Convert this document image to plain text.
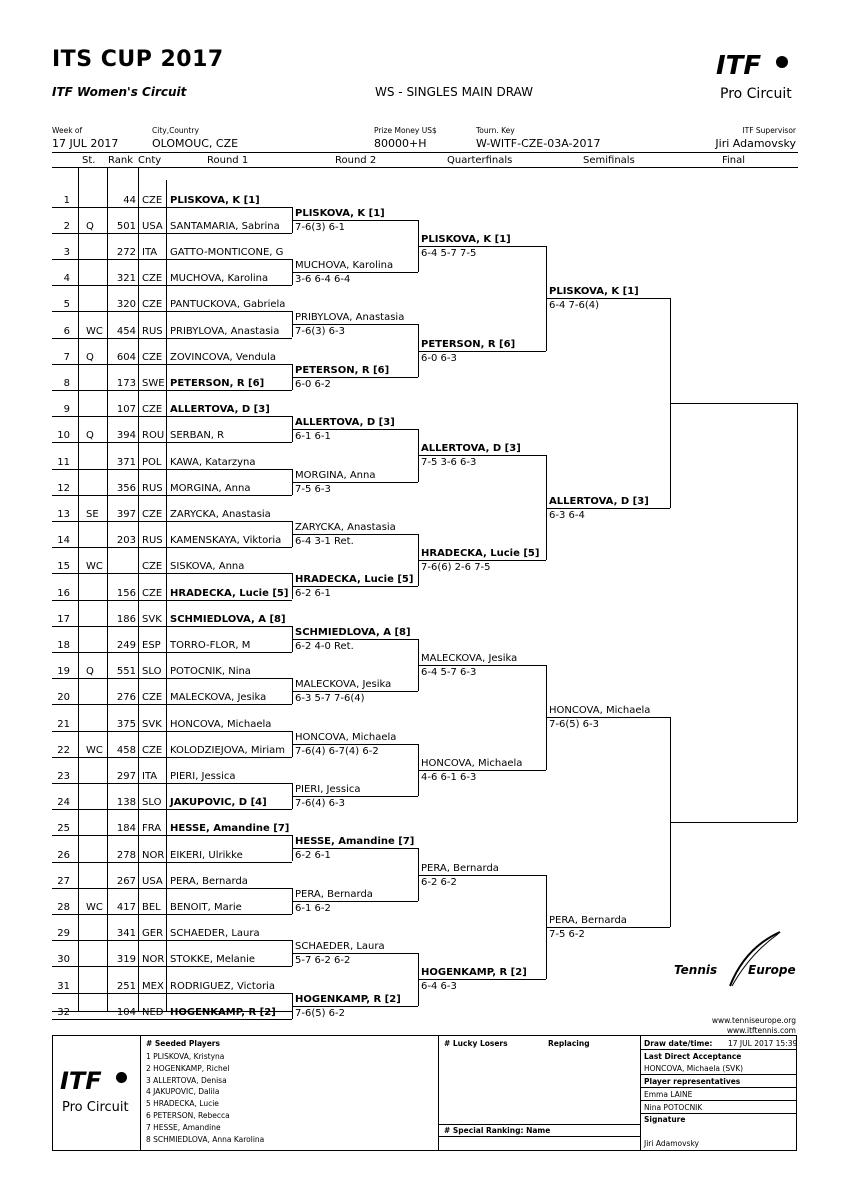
ITS CUP 2017
ITF Women's Circuit	WS - SINGLES MAIN DRAW
ITF
Pro Circuit
Week of
17 JUL 2017
City,Country
OLOMOUC, CZE
Prize Money US$
80000+H
Tourn. Key
W-WITF-CZE-03A-2017
ITF Supervisor
Jiri Adamovsky
St. Rank Cnty	Round 1	Round 2	Quarterfinals	Semifinals	Final
1	44 CZE PLISKOVA, K [1]
2 Q	501 USA SANTAMARIA, Sabrina
3	272 ITA GATTO-MONTICONE, G
4	321 CZE MUCHOVA, Karolina
5	320 CZE PANTUCKOVA, Gabriela
6 WC	454 RUS PRIBYLOVA, Anastasia
7 Q	604 CZE ZOVINCOVA, Vendula
8	173 SWE PETERSON, R [6]
9	107 CZE ALLERTOVA, D [3]
10 Q	394 ROU SERBAN, R
11	371 POL KAWA, Katarzyna
12	356 RUS MORGINA, Anna
13 SE	397 CZE ZARYCKA, Anastasia
14	203 RUS KAMENSKAYA, Viktoria
15 WC	CZE SISKOVA, Anna
16	156 CZE HRADECKA, Lucie [5]
17	186 SVK SCHMIEDLOVA, A [8]
18	249 ESP TORRO-FLOR, M
19 Q	551 SLO POTOCNIK, Nina
20	276 CZE MALECKOVA, Jesika
21	375 SVK HONCOVA, Michaela
22 WC	458 CZE KOLODZIEJOVA, Miriam
23	297 ITA PIERI, Jessica
24	138 SLO JAKUPOVIC, D [4]
25	184 FRA HESSE, Amandine [7]
26	278 NOR EIKERI, Ulrikke
27	267 USA PERA, Bernarda
28 WC	417 BEL BENOIT, Marie
29	341 GER SCHAEDER, Laura
30	319 NOR STOKKE, Melanie
31	251 MEX RODRIGUEZ, Victoria
32	104 NED HOGENKAMP, R [2]
PLISKOVA, K [1]
7-6(3) 6-1
MUCHOVA, Karolina
3-6 6-4 6-4
PRIBYLOVA, Anastasia
7-6(3) 6-3
PETERSON, R [6]
6-0 6-2
ALLERTOVA, D [3]
6-1 6-1
MORGINA, Anna
7-5 6-3
ZARYCKA, Anastasia
6-4 3-1 Ret.
HRADECKA, Lucie [5]
6-2 6-1
SCHMIEDLOVA, A [8]
6-2 4-0 Ret.
MALECKOVA, Jesika
6-3 5-7 7-6(4)
HONCOVA, Michaela
7-6(4) 6-7(4) 6-2
PIERI, Jessica
7-6(4) 6-3
HESSE, Amandine [7]
6-2 6-1
PERA, Bernarda
6-1 6-2
SCHAEDER, Laura
5-7 6-2 6-2
HOGENKAMP, R [2]
7-6(5) 6-2
PLISKOVA, K [1]
6-4 5-7 7-5
PETERSON, R [6]
6-0 6-3
ALLERTOVA, D [3]
7-5 3-6 6-3
HRADECKA, Lucie [5]
7-6(6) 2-6 7-5
MALECKOVA, Jesika
6-4 5-7 6-3
HONCOVA, Michaela
4-6 6-1 6-3
PERA, Bernarda
6-2 6-2
HOGENKAMP, R [2]
6-4 6-3
PLISKOVA, K [1]
6-4 7-6(4)
ALLERTOVA, D [3]
6-3 6-4
HONCOVA, Michaela
7-6(5) 6-3
PERA, Bernarda
7-5 6-2
Tennis	Europe
www.tenniseurope.org
www.itftennis.com
ITF
Pro Circuit
# Seeded Players
1 PLISKOVA, Kristyna
2 HOGENKAMP, Richel
3 ALLERTOVA, Denisa
4 JAKUPOVIC, Dalila
5 HRADECKA, Lucie
6 PETERSON, Rebecca
7 HESSE, Amandine
8 SCHMIEDLOVA, Anna Karolina
# Lucky Losers	Replacing
# Special Ranking: Name
Draw date/time: 17 JUL 2017 15:39
Last Direct Acceptance
HONCOVA, Michaela (SVK)
Player representatives
Emma LAINE
Nina POTOCNIK
Signature
Jiri Adamovsky
